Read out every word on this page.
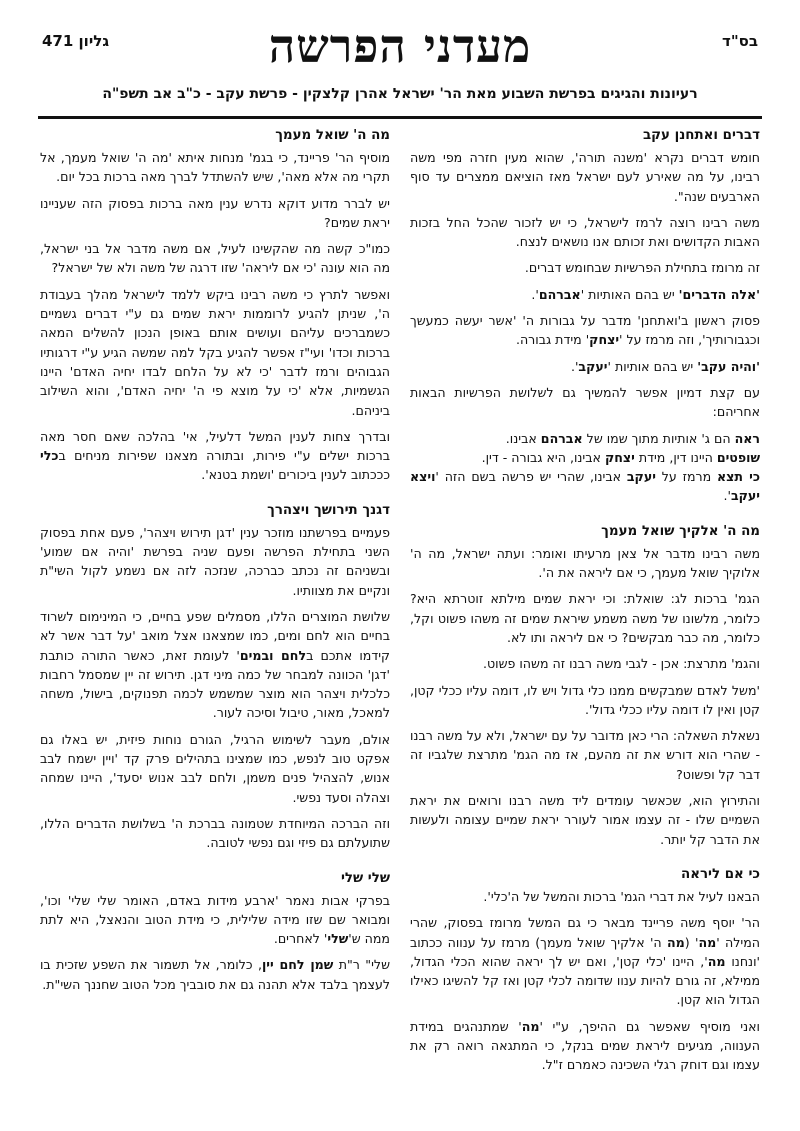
בס"ד
מעדני הפרשה
גליון 471
רעיונות והגיגים בפרשת השבוע מאת הר' ישראל אהרן קלצקין - פרשת עקב - כ"ב אב תשפ"ה
דברים ואתחנן עקב

חומש דברים נקרא 'משנה תורה', שהוא מעין חזרה מפי משה רבינו, על מה שאירע לעם ישראל מאז הוציאם ממצרים עד סוף הארבעים שנה".

משה רבינו רוצה לרמז לישראל, כי יש לזכור שהכל החל בזכות האבות הקדושים ואת זכותם אנו נושאים לנצח.

זה מרומז בתחילת הפרשיות שבחומש דברים.

'אלה הדברים' יש בהם האותיות 'אברהם'.

פסוק ראשון ב'ואתחנן' מדבר על גבורות ה' 'אשר יעשה כמעשך וכגבורותיך', וזה מרמז על 'יצחק' מידת גבורה.

'והיה עקב' יש בהם אותיות 'יעקב'.

עם קצת דמיון אפשר להמשיך גם לשלושת הפרשיות הבאות אחריהם:

ראה הם ג' אותיות מתוך שמו של אברהם אבינו.

שופטים היינו דין, מידת יצחק אבינו, היא גבורה - דין.

כי תצא מרמז על יעקב אבינו, שהרי יש פרשה בשם הזה 'ויצא יעקב'.

מה ה' אלקיך שואל מעמך

משה רבינו מדבר אל צאן מרעיתו ואומר: ועתה ישראל, מה ה' אלוקיך שואל מעמך, כי אם ליראה את ה'.

הגמ' ברכות לג: שואלת: וכי יראת שמים מילתא זוטרתא היא? כלומר, מלשונו של משה משמע שיראת שמים זה משהו פשוט וקל, כלומר, מה כבר מבקשים? כי אם ליראה ותו לא.

והגמ' מתרצת: אכן - לגבי משה רבנו זה משהו פשוט.

'משל לאדם שמבקשים ממנו כלי גדול ויש לו, דומה עליו ככלי קטן, קטן ואין לו דומה עליו ככלי גדול'.

נשאלת השאלה: הרי כאן מדובר על עם ישראל, ולא על משה רבנו - שהרי הוא דורש את זה מהעם, אז מה הגמ' מתרצת שלגביו זה דבר קל ופשוט?

והתירוץ הוא, שכאשר עומדים ליד משה רבנו ורואים את יראת השמיים שלו - זה עצמו אמור לעורר יראת שמיים עצומה ולעשות את הדבר קל יותר.

כי אם ליראה

הבאנו לעיל את דברי הגמ' ברכות והמשל של ה'כלי'.

הר' יוסף משה פריינד מבאר כי גם המשל מרומז בפסוק, שהרי המילה 'מה' (מה ה' אלקיך שואל מעמך) מרמז על ענווה ככתוב 'ונחנו מה', היינו 'כלי קטן', ואם יש לך יראה שהוא הכלי הגדול, ממילא, זה גורם להיות ענוו שדומה לכלי קטן ואז קל להשיגו כאילו הגדול הוא קטן.

ואני מוסיף שאפשר גם ההיפך, ע"י 'מה' שמתנהגים במידת הענווה, מגיעים ליראת שמים בנקל, כי המתגאה רואה רק את עצמו וגם דוחק רגלי השכינה כאמרם ז"ל.

מה ה' שואל מעמך

מוסיף הר' פריינד, כי בגמ' מנחות איתא 'מה ה' שואל מעמך, אל תקרי מה אלא מאה', שיש להשתדל לברך מאה ברכות בכל יום.

יש לברר מדוע דוקא נדרש ענין מאה ברכות בפסוק הזה שעניינו יראת שמים?

כמו"כ קשה מה שהקשינו לעיל, אם משה מדבר אל בני ישראל, מה הוא עונה 'כי אם ליראה' שזו דרגה של משה ולא של ישראל?

ואפשר לתרץ כי משה רבינו ביקש ללמד לישראל מהלך בעבודת ה', שניתן להגיע לרוממות יראת שמים גם ע"י דברים גשמיים כשמברכים עליהם ועושים אותם באופן הנכון להשלים המאה ברכות וכדו' ועי"ז אפשר להגיע בקל למה שמשה הגיע ע"י דרגותיו הגבוהים ורמז לדבר 'כי לא על הלחם לבדו יחיה האדם' היינו הגשמיות, אלא 'כי על מוצא פי ה' יחיה האדם', והוא השילוב ביניהם.

ובדרך צחות לענין המשל דלעיל, אי' בהלכה שאם חסר מאה ברכות ישלים ע"י פירות, ובתורה מצאנו שפירות מניחים בכלי כככתוב לענין ביכורים 'ושמת בטנא'.

דגנך תירושך ויצהרך

פעמיים בפרשתנו מוזכר ענין 'דגן תירוש ויצהר', פעם אחת בפסוק השני בתחילת הפרשה ופעם שניה בפרשת 'והיה אם שמוע' ובשניהם זה נכתב כברכה, שנזכה לזה אם נשמע לקול השי"ת ונקיים את מצוותיו.

שלושת המוצרים הללו, מסמלים שפע בחיים, כי המינימום לשרוד בחיים הוא לחם ומים, כמו שמצאנו אצל מואב 'על דבר אשר לא קידמו אתכם בלחם ובמים' לעומת זאת, כאשר התורה כותבת 'דגן' הכוונה למבחר של כמה מיני דגן. תירוש זה יין שמסמל רחבות כלכלית ויצהר הוא מוצר שמשמש לכמה תפנוקים, בישול, משחה למאכל, מאור, טיבול וסיכה לעור.

אולם, מעבר לשימוש הרגיל, הגורם נוחות פיזית, יש באלו גם אפקט טוב לנפש, כמו שמצינו בתהילים פרק קד 'ויין ישמח לבב אנוש, להצהיל פנים משמן, ולחם לבב אנוש יסעד', היינו שמחה וצהלה וסעד נפשי.

וזה הברכה המיוחדת שטמונה בברכת ה' בשלושת הדברים הללו, שתועלתם גם פיזי וגם נפשי לטובה.

שלי שלי

בפרקי אבות נאמר 'ארבע מידות באדם, האומר שלי שלי' וכו', ומבואר שם שזו מידה שלילית, כי מידת הטוב והנאצל, היא לתת ממה ש'שלי' לאחרים.

שלי" ר"ת שמן לחם יין, כלומר, אל תשמור את השפע שזכית בו לעצמך בלבד אלא תהנה גם את סובביך מכל הטוב שחננך השי"ת.
